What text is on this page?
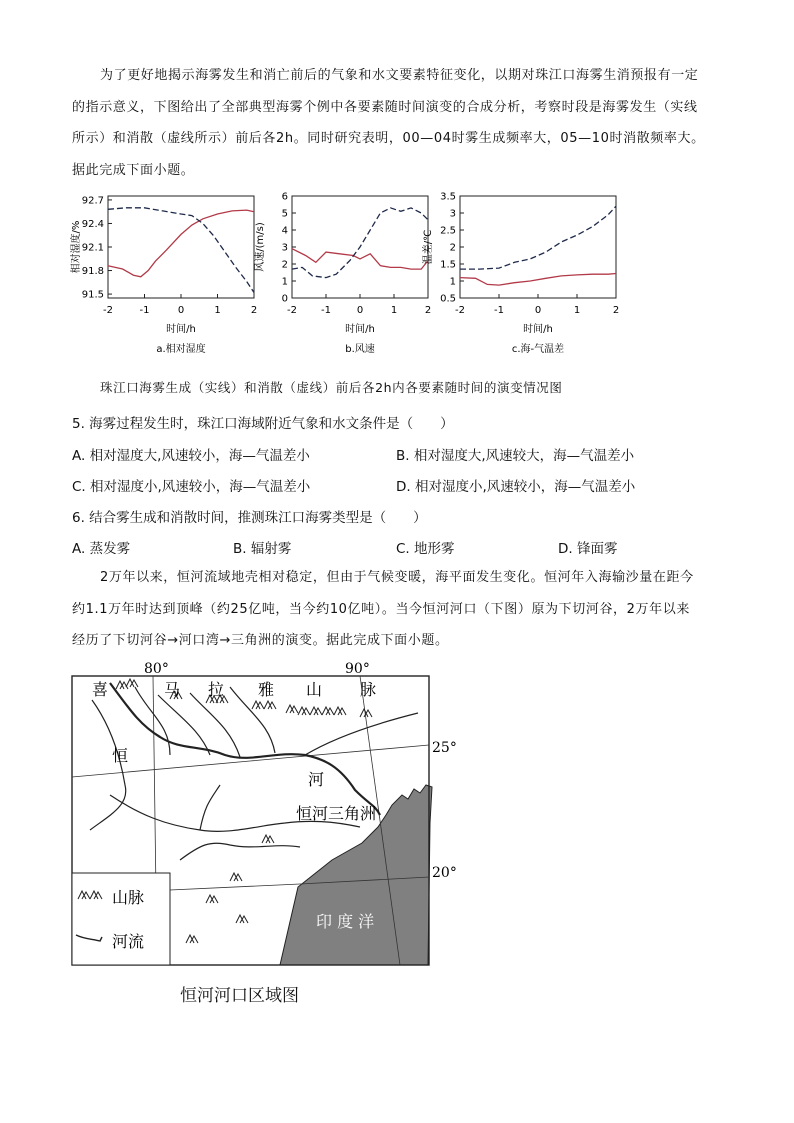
为了更好地揭示海雾发生和消亡前后的气象和水文要素特征变化，以期对珠江口海雾生消预报有一定
的指示意义，下图给出了全部典型海雾个例中各要素随时间演变的合成分析，考察时段是海雾发生（实线
所示）和消散（虚线所示）前后各2h。同时研究表明，00—04时雾生成频率大，05—10时消散频率大。
据此完成下面小题。
91.5
91.8
92.1
92.4
92.7
-2	-1	0	1	2
相对湿度/%
时间/h
a.相对湿度
0
1
2
3
4
5
6
-2 -1	0	1	2
风速/(m/s)
时间/h
b.风速
0.5
1
1.5
2
2.5
3
3.5
-2	-1	0	1	2
温差/℃
时间/h
c.海-气温差
珠江口海雾生成（实线）和消散（虚线）前后各2h内各要素随时间的演变情况图
5. 海雾过程发生时，珠江口海域附近气象和水文条件是（　　）
A. 相对湿度大,风速较小，海—气温差小	B. 相对湿度大,风速较大，海—气温差小
C. 相对湿度小,风速较小，海—气温差小	D. 相对湿度小,风速较小，海—气温差小
6. 结合雾生成和消散时间，推测珠江口海雾类型是（　　）
A. 蒸发雾	B. 辐射雾	C. 地形雾	D. 锋面雾
2万年以来，恒河流域地壳相对稳定，但由于气候变暖，海平面发生变化。恒河年入海输沙量在距今
约1.1万年时达到顶峰（约25亿吨，当今约10亿吨）。当今恒河河口（下图）原为下切河谷，2万年以来
经历了下切河谷→河口湾→三角洲的演变。据此完成下面小题。
80°	90°
25°
20°
喜	马 拉 雅 山 脉
恒
河
恒河三角洲
印 度 洋
山脉
河流
恒河河口区域图
